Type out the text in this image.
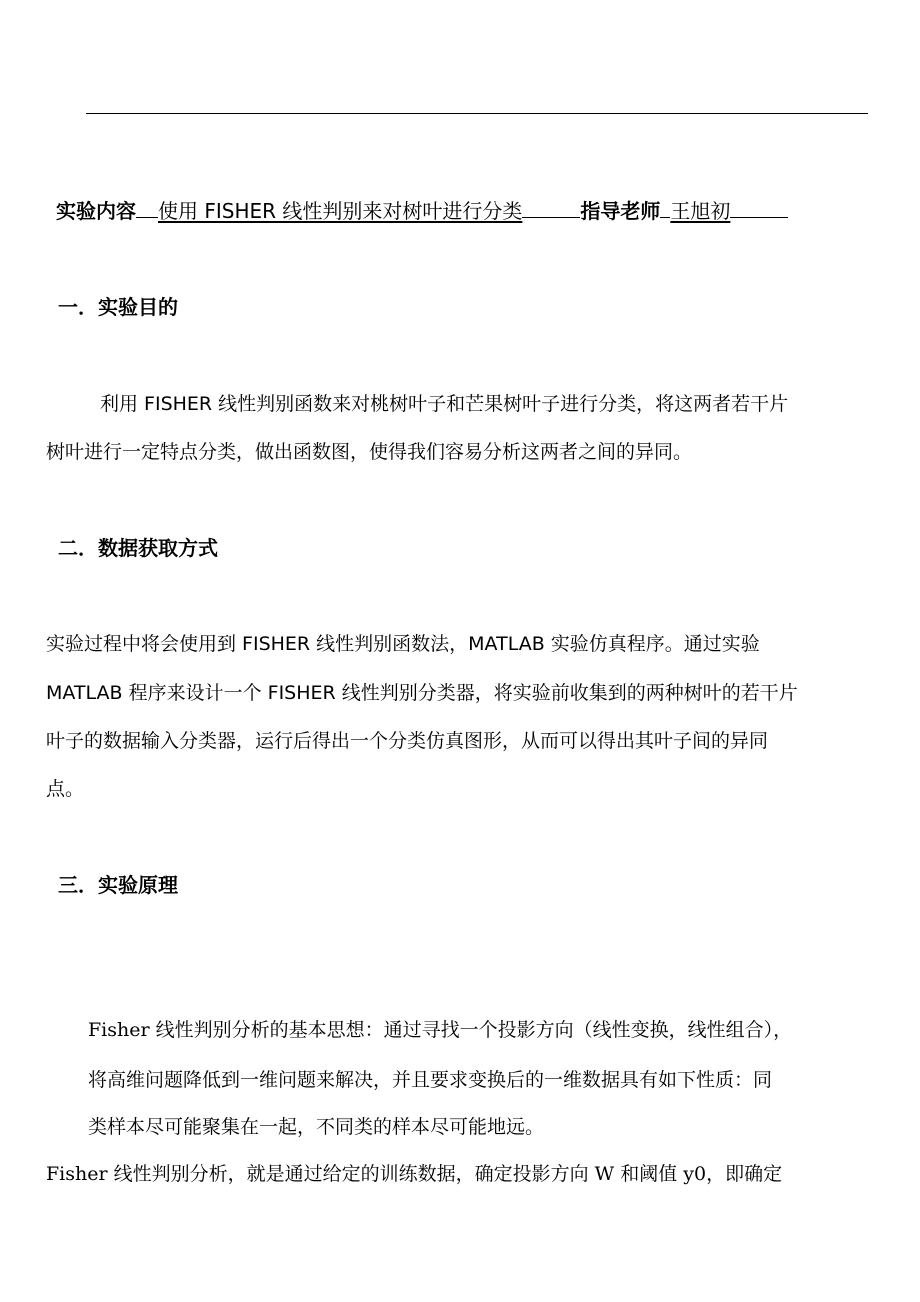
实验内容 使用 FISHER 线性判别来对树叶进行分类	指导老师 王旭初
一．实验目的
利用 FISHER 线性判别函数来对桃树叶子和芒果树叶子进行分类，将这两者若干片
树叶进行一定特点分类，做出函数图，使得我们容易分析这两者之间的异同。
二．数据获取方式
实验过程中将会使用到 FISHER 线性判别函数法，MATLAB 实验仿真程序。通过实验
MATLAB 程序来设计一个 FISHER 线性判别分类器，将实验前收集到的两种树叶的若干片
叶子的数据输入分类器，运行后得出一个分类仿真图形，从而可以得出其叶子间的异同
点。
三．实验原理
Fisher 线性判别分析的基本思想：通过寻找一个投影方向（线性变换，线性组合），
将高维问题降低到一维问题来解决，并且要求变换后的一维数据具有如下性质：同
类样本尽可能聚集在一起，不同类的样本尽可能地远。
Fisher 线性判别分析，就是通过给定的训练数据，确定投影方向 W 和阈值 y0，即确定
